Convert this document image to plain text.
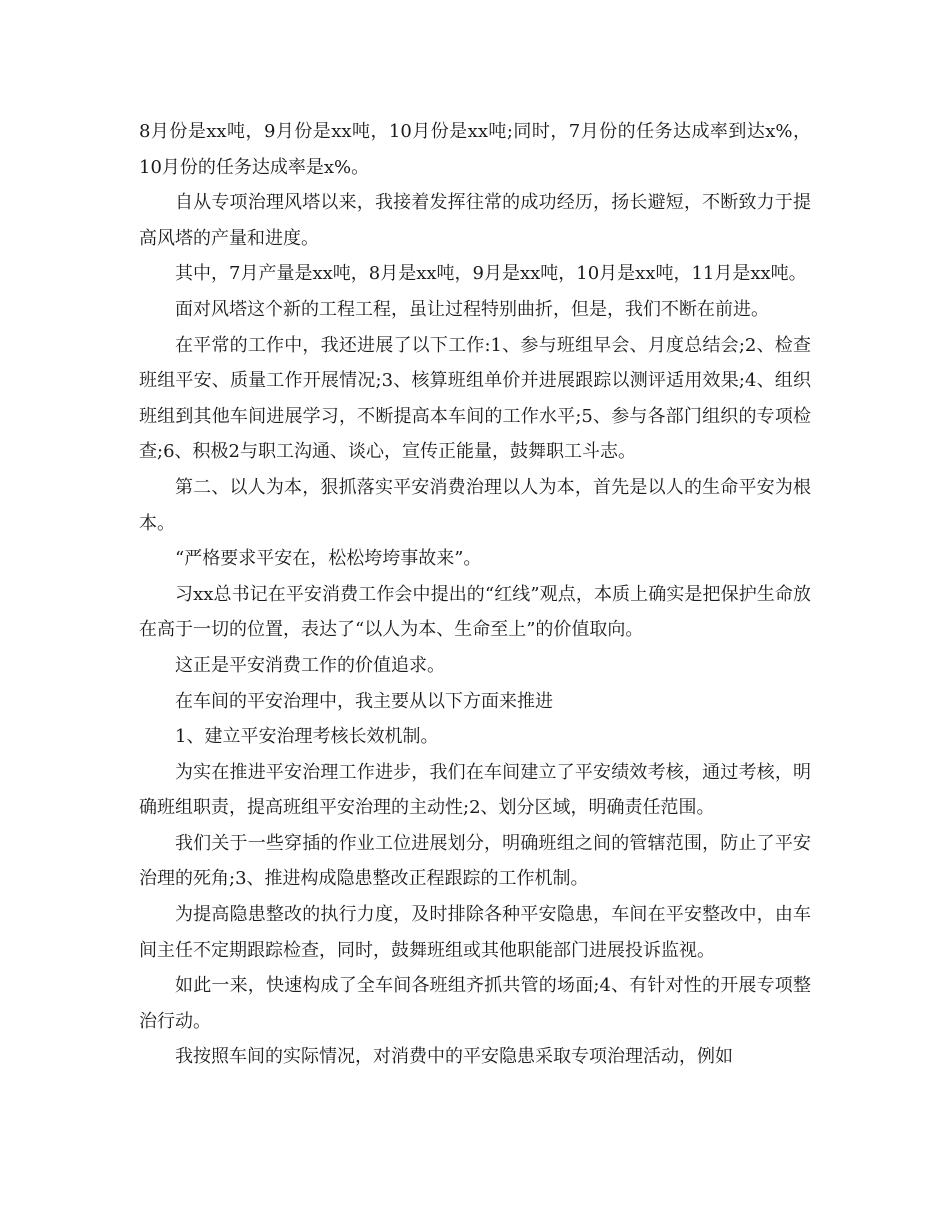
8月份是xx吨，9月份是xx吨，10月份是xx吨;同时，7月份的任务达成率到达x%，10月份的任务达成率是x%。

自从专项治理风塔以来，我接着发挥往常的成功经历，扬长避短，不断致力于提高风塔的产量和进度。

其中，7月产量是xx吨，8月是xx吨，9月是xx吨，10月是xx吨，11月是xx吨。

面对风塔这个新的工程工程，虽让过程特别曲折，但是，我们不断在前进。

在平常的工作中，我还进展了以下工作:1、参与班组早会、月度总结会;2、检查班组平安、质量工作开展情况;3、核算班组单价并进展跟踪以测评适用效果;4、组织班组到其他车间进展学习，不断提高本车间的工作水平;5、参与各部门组织的专项检查;6、积极2与职工沟通、谈心，宣传正能量，鼓舞职工斗志。

第二、以人为本，狠抓落实平安消费治理以人为本，首先是以人的生命平安为根本。

“严格要求平安在，松松垮垮事故来”。

习xx总书记在平安消费工作会中提出的“红线”观点，本质上确实是把保护生命放在高于一切的位置，表达了“以人为本、生命至上”的价值取向。

这正是平安消费工作的价值追求。

在车间的平安治理中，我主要从以下方面来推进

1、建立平安治理考核长效机制。

为实在推进平安治理工作进步，我们在车间建立了平安绩效考核，通过考核，明确班组职责，提高班组平安治理的主动性;2、划分区域，明确责任范围。

我们关于一些穿插的作业工位进展划分，明确班组之间的管辖范围，防止了平安治理的死角;3、推进构成隐患整改正程跟踪的工作机制。

为提高隐患整改的执行力度，及时排除各种平安隐患，车间在平安整改中，由车间主任不定期跟踪检查，同时，鼓舞班组或其他职能部门进展投诉监视。

如此一来，快速构成了全车间各班组齐抓共管的场面;4、有针对性的开展专项整治行动。

我按照车间的实际情况，对消费中的平安隐患采取专项治理活动，例如
